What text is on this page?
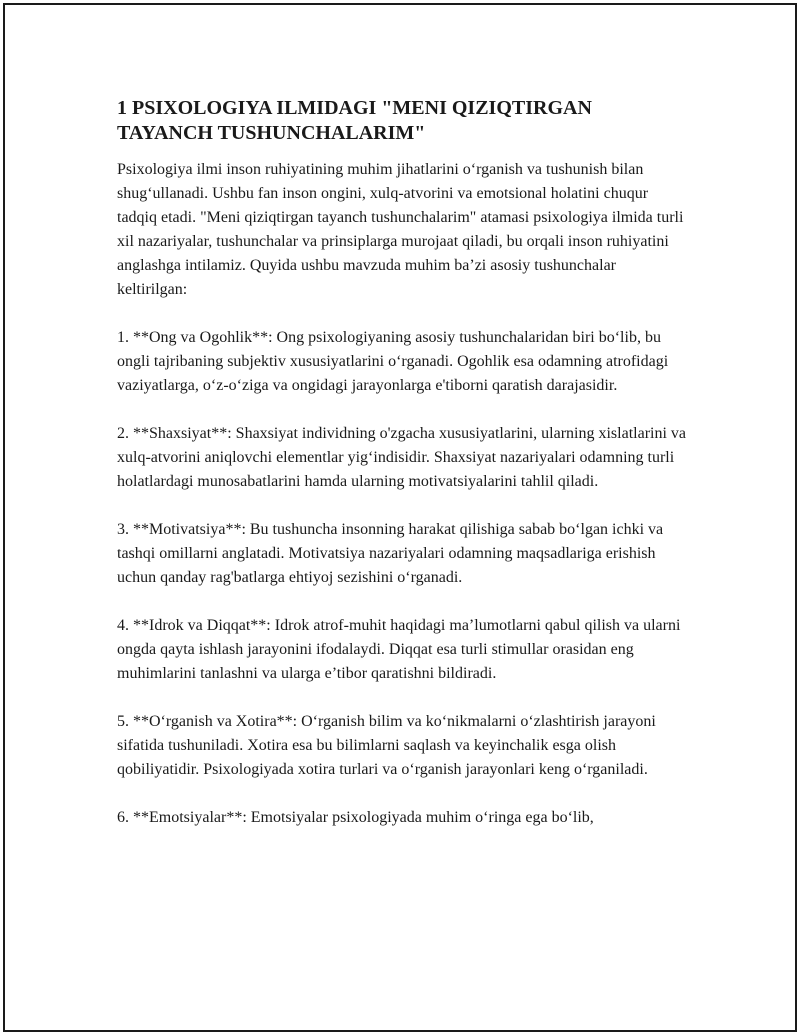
1 PSIXOLOGIYA ILMIDAGI "MENI QIZIQTIRGAN TAYANCH TUSHUNCHALARIM"

Psixologiya ilmi inson ruhiyatining muhim jihatlarini o‘rganish va tushunish bilan shug‘ullanadi. Ushbu fan inson ongini, xulq-atvorini va emotsional holatini chuqur tadqiq etadi. "Meni qiziqtirgan tayanch tushunchalarim" atamasi psixologiya ilmida turli xil nazariyalar, tushunchalar va prinsiplarga murojaat qiladi, bu orqali inson ruhiyatini anglashga intilamiz. Quyida ushbu mavzuda muhim ba’zi asosiy tushunchalar keltirilgan:

1. **Ong va Ogohlik**: Ong psixologiyaning asosiy tushunchalaridan biri bo‘lib, bu ongli tajribaning subjektiv xususiyatlarini o‘rganadi. Ogohlik esa odamning atrofidagi vaziyatlarga, o‘z-o‘ziga va ongidagi jarayonlarga e'tiborni qaratish darajasidir.

2. **Shaxsiyat**: Shaxsiyat individning o'zgacha xususiyatlarini, ularning xislatlarini va xulq-atvorini aniqlovchi elementlar yig‘indisidir. Shaxsiyat nazariyalari odamning turli holatlardagi munosabatlarini hamda ularning motivatsiyalarini tahlil qiladi.

3. **Motivatsiya**: Bu tushuncha insonning harakat qilishiga sabab bo‘lgan ichki va tashqi omillarni anglatadi. Motivatsiya nazariyalari odamning maqsadlariga erishish uchun qanday rag'batlarga ehtiyoj sezishini o‘rganadi.

4. **Idrok va Diqqat**: Idrok atrof-muhit haqidagi ma’lumotlarni qabul qilish va ularni ongda qayta ishlash jarayonini ifodalaydi. Diqqat esa turli stimullar orasidan eng muhimlarini tanlashni va ularga e’tibor qaratishni bildiradi.

5. **O‘rganish va Xotira**: O‘rganish bilim va ko‘nikmalarni o‘zlashtirish jarayoni sifatida tushuniladi. Xotira esa bu bilimlarni saqlash va keyinchalik esga olish qobiliyatidir. Psixologiyada xotira turlari va o‘rganish jarayonlari keng o‘rganiladi.

6. **Emotsiyalar**: Emotsiyalar psixologiyada muhim o‘ringa ega bo‘lib,
